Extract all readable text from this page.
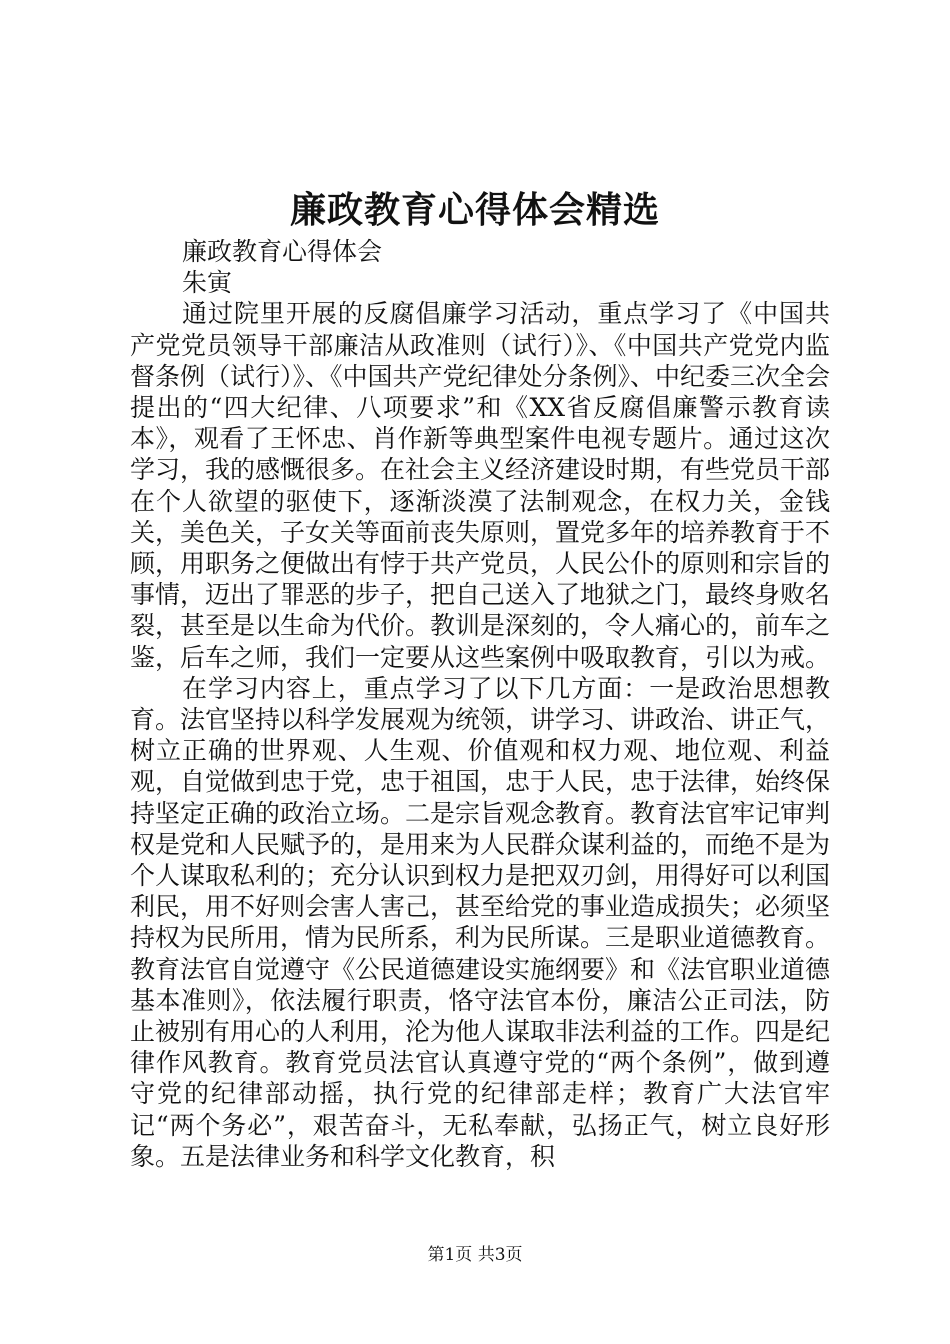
廉政教育心得体会精选

廉政教育心得体会

朱寅

通过院里开展的反腐倡廉学习活动，重点学习了《中国共产党党员领导干部廉洁从政准则（试行）》、《中国共产党党内监督条例（试行）》、《中国共产党纪律处分条例》、中纪委三次全会提出的“四大纪律、八项要求”和《XX省反腐倡廉警示教育读本》，观看了王怀忠、肖作新等典型案件电视专题片。通过这次学习，我的感慨很多。在社会主义经济建设时期，有些党员干部在个人欲望的驱使下，逐渐淡漠了法制观念，在权力关，金钱关，美色关，子女关等面前丧失原则，置党多年的培养教育于不顾，用职务之便做出有悖于共产党员，人民公仆的原则和宗旨的事情，迈出了罪恶的步子，把自己送入了地狱之门，最终身败名裂，甚至是以生命为代价。教训是深刻的，令人痛心的，前车之鉴，后车之师，我们一定要从这些案例中吸取教育，引以为戒。

在学习内容上，重点学习了以下几方面：一是政治思想教育。法官坚持以科学发展观为统领，讲学习、讲政治、讲正气，树立正确的世界观、人生观、价值观和权力观、地位观、利益观，自觉做到忠于党，忠于祖国，忠于人民，忠于法律，始终保持坚定正确的政治立场。二是宗旨观念教育。教育法官牢记审判权是党和人民赋予的，是用来为人民群众谋利益的，而绝不是为个人谋取私利的；充分认识到权力是把双刃剑，用得好可以利国利民，用不好则会害人害己，甚至给党的事业造成损失；必须坚持权为民所用，情为民所系，利为民所谋。三是职业道德教育。教育法官自觉遵守《公民道德建设实施纲要》和《法官职业道德基本准则》，依法履行职责，恪守法官本份，廉洁公正司法，防止被别有用心的人利用，沦为他人谋取非法利益的工作。四是纪律作风教育。教育党员法官认真遵守党的“两个条例”，做到遵守党的纪律部动摇，执行党的纪律部走样；教育广大法官牢记“两个务必”，艰苦奋斗，无私奉献，弘扬正气，树立良好形象。五是法律业务和科学文化教育，积

第1页 共3页
